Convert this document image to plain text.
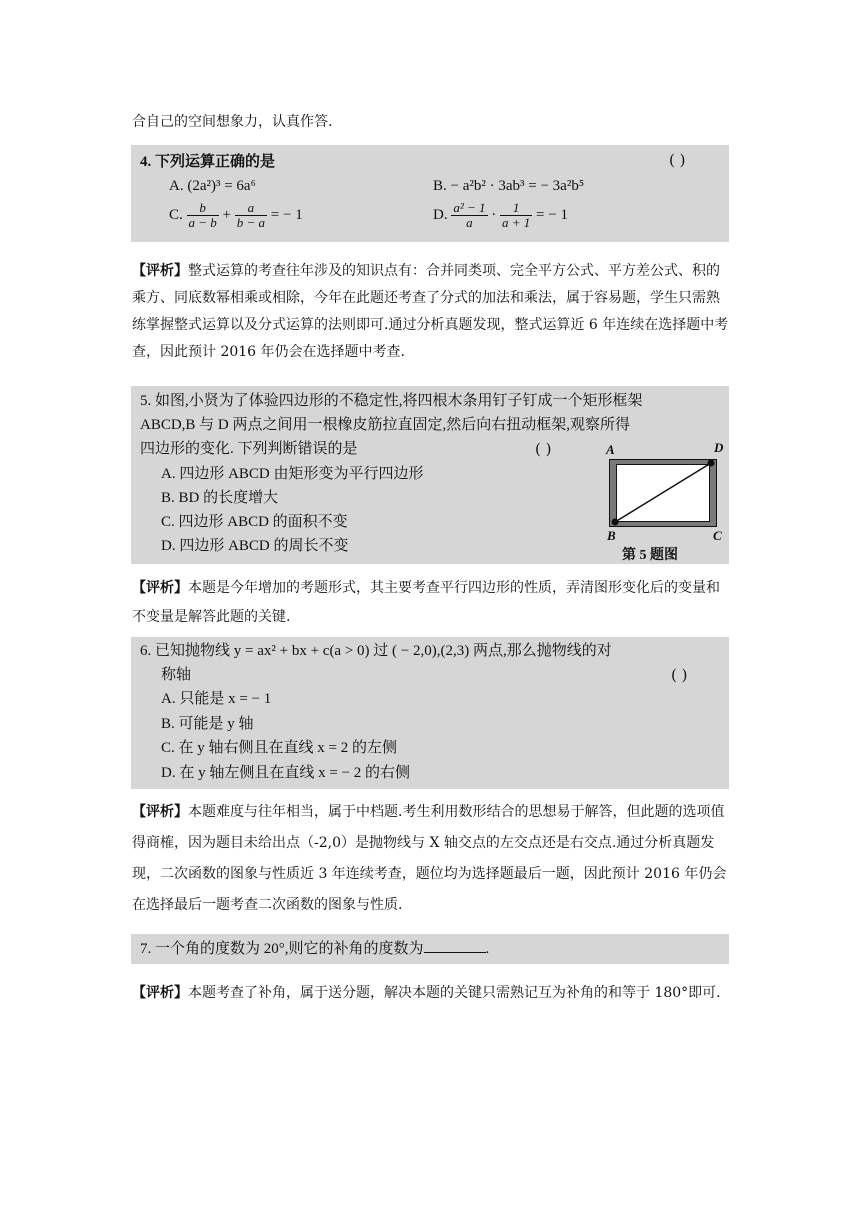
合自己的空间想象力，认真作答.

4. 下列运算正确的是	( )
A. (2a²)³ = 6a⁶	B. − a²b² · 3ab³ = − 3a²b⁵
C. $\frac{b}{a - b} + \frac{a}{b - a}$ = − 1	D. $\frac{\text{a² − 1}}{a} \cdot \frac{1}{a + 1}$ = − 1

【评析】整式运算的考查往年涉及的知识点有：合并同类项、完全平方公式、平方差公式、积的乘方、同底数幂相乘或相除，今年在此题还考查了分式的加法和乘法，属于容易题，学生只需熟练掌握整式运算以及分式运算的法则即可.通过分析真题发现，整式运算近 6 年连续在选择题中考查，因此预计 2016 年仍会在选择题中考查.

5. 如图,小贤为了体验四边形的不稳定性,将四根木条用钉子钉成一个矩形框架
ABCD,B 与 D 两点之间用一根橡皮筋拉直固定,然后向右扭动框架,观察所得
四边形的变化. 下列判断错误的是	( )
A. 四边形 ABCD 由矩形变为平行四边形
B. BD 的长度增大
C. 四边形 ABCD 的面积不变
D. 四边形 ABCD 的周长不变
A	D
B	C
第 5 题图

【评析】本题是今年增加的考题形式，其主要考查平行四边形的性质，弄清图形变化后的变量和不变量是解答此题的关键.

6. 已知抛物线 y = ax² + bx + c(a > 0) 过 ( − 2,0),(2,3) 两点,那么抛物线的对
称轴	( )
A. 只能是 x = − 1
B. 可能是 y 轴
C. 在 y 轴右侧且在直线 x = 2 的左侧
D. 在 y 轴左侧且在直线 x = − 2 的右侧

【评析】本题难度与往年相当，属于中档题.考生利用数形结合的思想易于解答，但此题的选项值得商榷，因为题目未给出点（-2,0）是抛物线与 X 轴交点的左交点还是右交点.通过分析真题发现，二次函数的图象与性质近 3 年连续考查，题位均为选择题最后一题，因此预计 2016 年仍会在选择最后一题考查二次函数的图象与性质.

7. 一个角的度数为 20°,则它的补角的度数为	.

【评析】本题考查了补角，属于送分题，解决本题的关键只需熟记互为补角的和等于 180°即可.
